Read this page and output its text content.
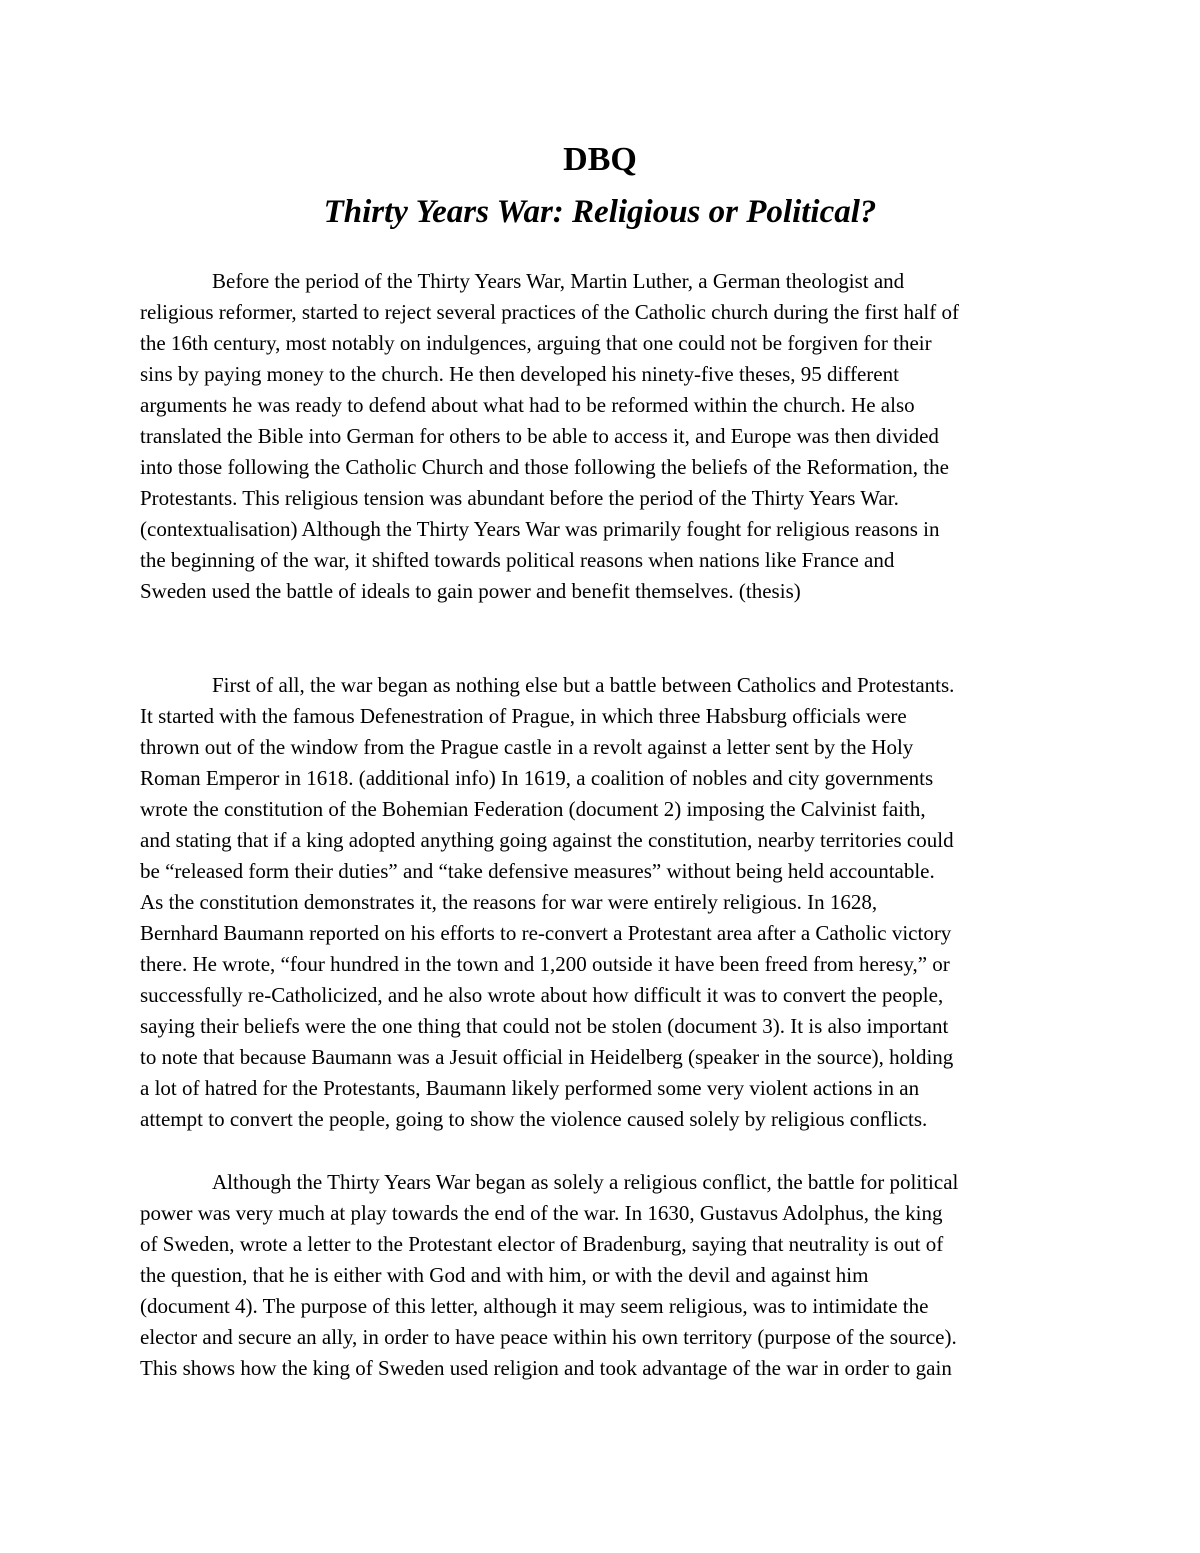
DBQ
Thirty Years War: Religious or Political?
Before the period of the Thirty Years War, Martin Luther, a German theologist and
religious reformer, started to reject several practices of the Catholic church during the first half of
the 16th century, most notably on indulgences, arguing that one could not be forgiven for their
sins by paying money to the church. He then developed his ninety-five theses, 95 different
arguments he was ready to defend about what had to be reformed within the church. He also
translated the Bible into German for others to be able to access it, and Europe was then divided
into those following the Catholic Church and those following the beliefs of the Reformation, the
Protestants. This religious tension was abundant before the period of the Thirty Years War.
(contextualisation) Although the Thirty Years War was primarily fought for religious reasons in
the beginning of the war, it shifted towards political reasons when nations like France and
Sweden used the battle of ideals to gain power and benefit themselves. (thesis)
First of all, the war began as nothing else but a battle between Catholics and Protestants.
It started with the famous Defenestration of Prague, in which three Habsburg officials were
thrown out of the window from the Prague castle in a revolt against a letter sent by the Holy
Roman Emperor in 1618. (additional info) In 1619, a coalition of nobles and city governments
wrote the constitution of the Bohemian Federation (document 2) imposing the Calvinist faith,
and stating that if a king adopted anything going against the constitution, nearby territories could
be “released form their duties” and “take defensive measures” without being held accountable.
As the constitution demonstrates it, the reasons for war were entirely religious. In 1628,
Bernhard Baumann reported on his efforts to re-convert a Protestant area after a Catholic victory
there. He wrote, “four hundred in the town and 1,200 outside it have been freed from heresy,” or
successfully re-Catholicized, and he also wrote about how difficult it was to convert the people,
saying their beliefs were the one thing that could not be stolen (document 3). It is also important
to note that because Baumann was a Jesuit official in Heidelberg (speaker in the source), holding
a lot of hatred for the Protestants, Baumann likely performed some very violent actions in an
attempt to convert the people, going to show the violence caused solely by religious conflicts.
Although the Thirty Years War began as solely a religious conflict, the battle for political
power was very much at play towards the end of the war. In 1630, Gustavus Adolphus, the king
of Sweden, wrote a letter to the Protestant elector of Bradenburg, saying that neutrality is out of
the question, that he is either with God and with him, or with the devil and against him
(document 4). The purpose of this letter, although it may seem religious, was to intimidate the
elector and secure an ally, in order to have peace within his own territory (purpose of the source).
This shows how the king of Sweden used religion and took advantage of the war in order to gain
